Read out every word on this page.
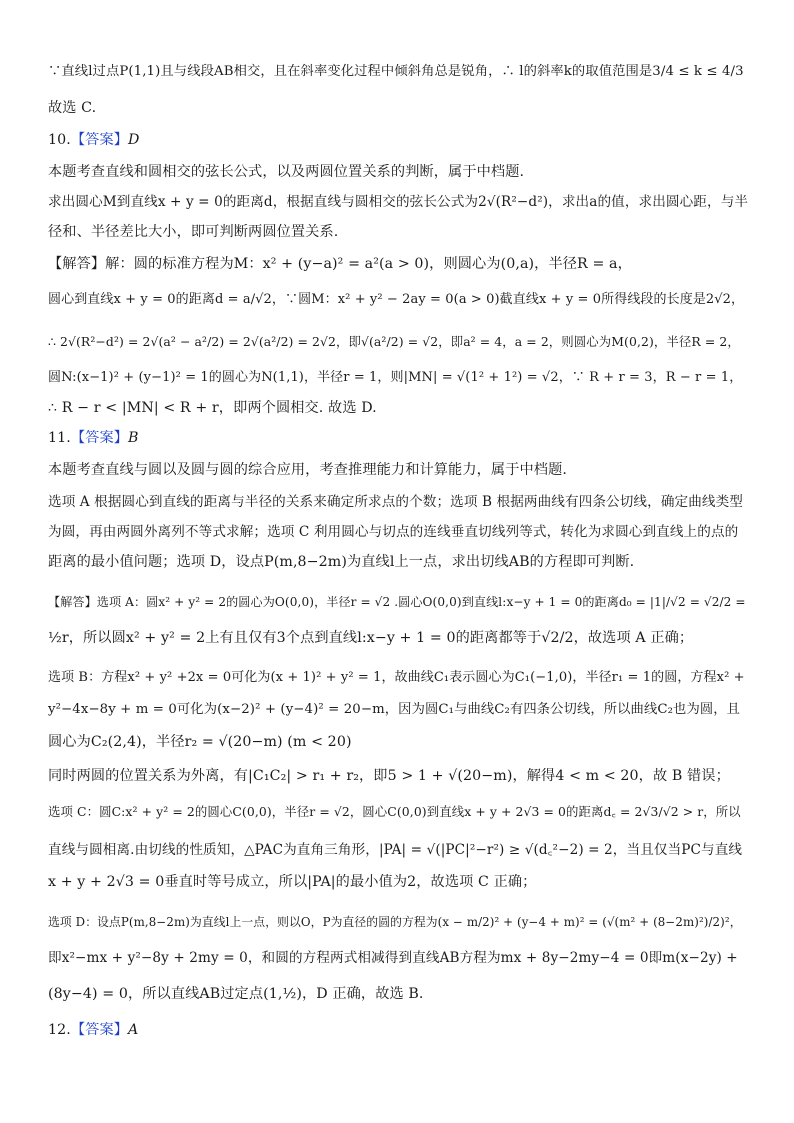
∵直线l过点P(1,1)且与线段AB相交，且在斜率变化过程中倾斜角总是锐角，∴ l的斜率k的取值范围是3/4 ≤ k ≤ 4/3
故选 C.
10.【答案】D
本题考查直线和圆相交的弦长公式，以及两圆位置关系的判断，属于中档题.
求出圆心M到直线x + y = 0的距离d，根据直线与圆相交的弦长公式为2√(R²−d²)，求出a的值，求出圆心距，与半
径和、半径差比大小，即可判断两圆位置关系.
【解答】解：圆的标准方程为M：x² + (y−a)² = a²(a > 0)，则圆心为(0,a)，半径R = a，
圆心到直线x + y = 0的距离d = a/√2，∵圆M：x² + y² − 2ay = 0(a > 0)截直线x + y = 0所得线段的长度是2√2，
∴ 2√(R²−d²) = 2√(a² − a²/2) = 2√(a²/2) = 2√2，即√(a²/2) = √2，即a² = 4，a = 2，则圆心为M(0,2)，半径R = 2，
圆N:(x−1)² + (y−1)² = 1的圆心为N(1,1)，半径r = 1，则|MN| = √(1² + 1²) = √2，∵ R + r = 3，R − r = 1，
∴ R − r < |MN| < R + r，即两个圆相交. 故选 D.
11.【答案】B
本题考查直线与圆以及圆与圆的综合应用，考查推理能力和计算能力，属于中档题.
选项 A 根据圆心到直线的距离与半径的关系来确定所求点的个数；选项 B 根据两曲线有四条公切线，确定曲线类型
为圆，再由两圆外离列不等式求解；选项 C 利用圆心与切点的连线垂直切线列等式，转化为求圆心到直线上的点的
距离的最小值问题；选项 D，设点P(m,8−2m)为直线l上一点，求出切线AB的方程即可判断.
【解答】选项 A：圆x² + y² = 2的圆心为O(0,0)，半径r = √2 .圆心O(0,0)到直线l:x−y + 1 = 0的距离d₀ = |1|/√2 = √2/2 =
½r，所以圆x² + y² = 2上有且仅有3个点到直线l:x−y + 1 = 0的距离都等于√2/2，故选项 A 正确；
选项 B：方程x² + y² +2x = 0可化为(x + 1)² + y² = 1，故曲线C₁表示圆心为C₁(−1,0)，半径r₁ = 1的圆，方程x² +
y²−4x−8y + m = 0可化为(x−2)² + (y−4)² = 20−m，因为圆C₁与曲线C₂有四条公切线，所以曲线C₂也为圆，且
圆心为C₂(2,4)，半径r₂ = √(20−m) (m < 20)
同时两圆的位置关系为外离，有|C₁C₂| > r₁ + r₂，即5 > 1 + √(20−m)，解得4 < m < 20，故 B 错误；
选项 C：圆C:x² + y² = 2的圆心C(0,0)，半径r = √2，圆心C(0,0)到直线x + y + 2√3 = 0的距离d꜀ = 2√3/√2 > r，所以
直线与圆相离.由切线的性质知，△PAC为直角三角形，|PA| = √(|PC|²−r²) ≥ √(d꜀²−2) = 2，当且仅当PC与直线
x + y + 2√3 = 0垂直时等号成立，所以|PA|的最小值为2，故选项 C 正确；
选项 D：设点P(m,8−2m)为直线l上一点，则以O，P为直径的圆的方程为(x − m/2)² + (y−4 + m)² = (√(m² + (8−2m)²)/2)²，
即x²−mx + y²−8y + 2my = 0，和圆的方程两式相减得到直线AB方程为mx + 8y−2my−4 = 0即m(x−2y) +
(8y−4) = 0，所以直线AB过定点(1,½)，D 正确，故选 B.
12.【答案】A
